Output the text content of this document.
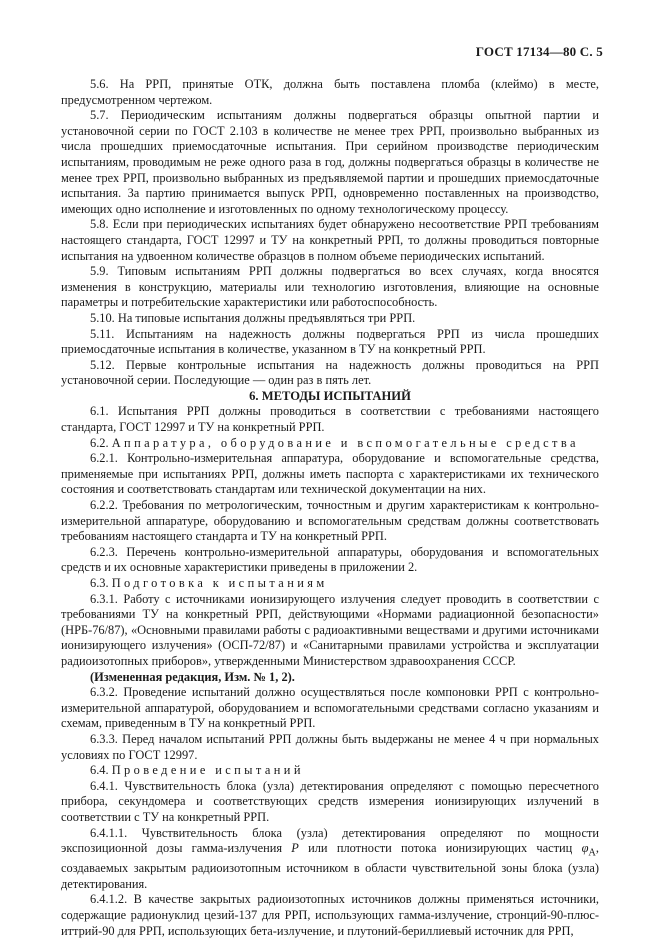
ГОСТ 17134—80 С. 5

5.6. На РРП, принятые ОТК, должна быть поставлена пломба (клеймо) в месте, предусмотренном чертежом.

5.7. Периодическим испытаниям должны подвергаться образцы опытной партии и установочной серии по ГОСТ 2.103 в количестве не менее трех РРП, произвольно выбранных из числа прошедших приемосдаточные испытания. При серийном производстве периодическим испытаниям, проводимым не реже одного раза в год, должны подвергаться образцы в количестве не менее трех РРП, произвольно выбранных из предъявляемой партии и прошедших приемосдаточные испытания. За партию принимается выпуск РРП, одновременно поставленных на производство, имеющих одно исполнение и изготовленных по одному технологическому процессу.

5.8. Если при периодических испытаниях будет обнаружено несоответствие РРП требованиям настоящего стандарта, ГОСТ 12997 и ТУ на конкретный РРП, то должны проводиться повторные испытания на удвоенном количестве образцов в полном объеме периодических испытаний.

5.9. Типовым испытаниям РРП должны подвергаться во всех случаях, когда вносятся изменения в конструкцию, материалы или технологию изготовления, влияющие на основные параметры и потребительские характеристики или работоспособность.

5.10. На типовые испытания должны предъявляться три РРП.

5.11. Испытаниям на надежность должны подвергаться РРП из числа прошедших приемосдаточные испытания в количестве, указанном в ТУ на конкретный РРП.

5.12. Первые контрольные испытания на надежность должны проводиться на РРП установочной серии. Последующие — один раз в пять лет.

6. МЕТОДЫ ИСПЫТАНИЙ

6.1. Испытания РРП должны проводиться в соответствии с требованиями настоящего стандарта, ГОСТ 12997 и ТУ на конкретный РРП.

6.2. Аппаратура, оборудование и вспомогательные средства

6.2.1. Контрольно-измерительная аппаратура, оборудование и вспомогательные средства, применяемые при испытаниях РРП, должны иметь паспорта с характеристиками их технического состояния и соответствовать стандартам или технической документации на них.

6.2.2. Требования по метрологическим, точностным и другим характеристикам к контрольно-измерительной аппаратуре, оборудованию и вспомогательным средствам должны соответствовать требованиям настоящего стандарта и ТУ на конкретный РРП.

6.2.3. Перечень контрольно-измерительной аппаратуры, оборудования и вспомогательных средств и их основные характеристики приведены в приложении 2.

6.3. Подготовка к испытаниям

6.3.1. Работу с источниками ионизирующего излучения следует проводить в соответствии с требованиями ТУ на конкретный РРП, действующими «Нормами радиационной безопасности» (НРБ-76/87), «Основными правилами работы с радиоактивными веществами и другими источниками ионизирующего излучения» (ОСП-72/87) и «Санитарными правилами устройства и эксплуатации радиоизотопных приборов», утвержденными Министерством здравоохранения СССР.

(Измененная редакция, Изм. № 1, 2).

6.3.2. Проведение испытаний должно осуществляться после компоновки РРП с контрольно-измерительной аппаратурой, оборудованием и вспомогательными средствами согласно указаниям и схемам, приведенным в ТУ на конкретный РРП.

6.3.3. Перед началом испытаний РРП должны быть выдержаны не менее 4 ч при нормальных условиях по ГОСТ 12997.

6.4. Проведение испытаний

6.4.1. Чувствительность блока (узла) детектирования определяют с помощью пересчетного прибора, секундомера и соответствующих средств измерения ионизирующих излучений в соответствии с ТУ на конкретный РРП.

6.4.1.1. Чувствительность блока (узла) детектирования определяют по мощности экспозиционной дозы гамма-излучения P или плотности потока ионизирующих частиц $\varphi_A$, создаваемых закрытым радиоизотопным источником в области чувствительной зоны блока (узла) детектирования.

6.4.1.2. В качестве закрытых радиоизотопных источников должны применяться источники, содержащие радионуклид цезий-137 для РРП, использующих гамма-излучение, стронций-90-плюс-иттрий-90 для РРП, использующих бета-излучение, и плутоний-бериллиевый источник для РРП,
